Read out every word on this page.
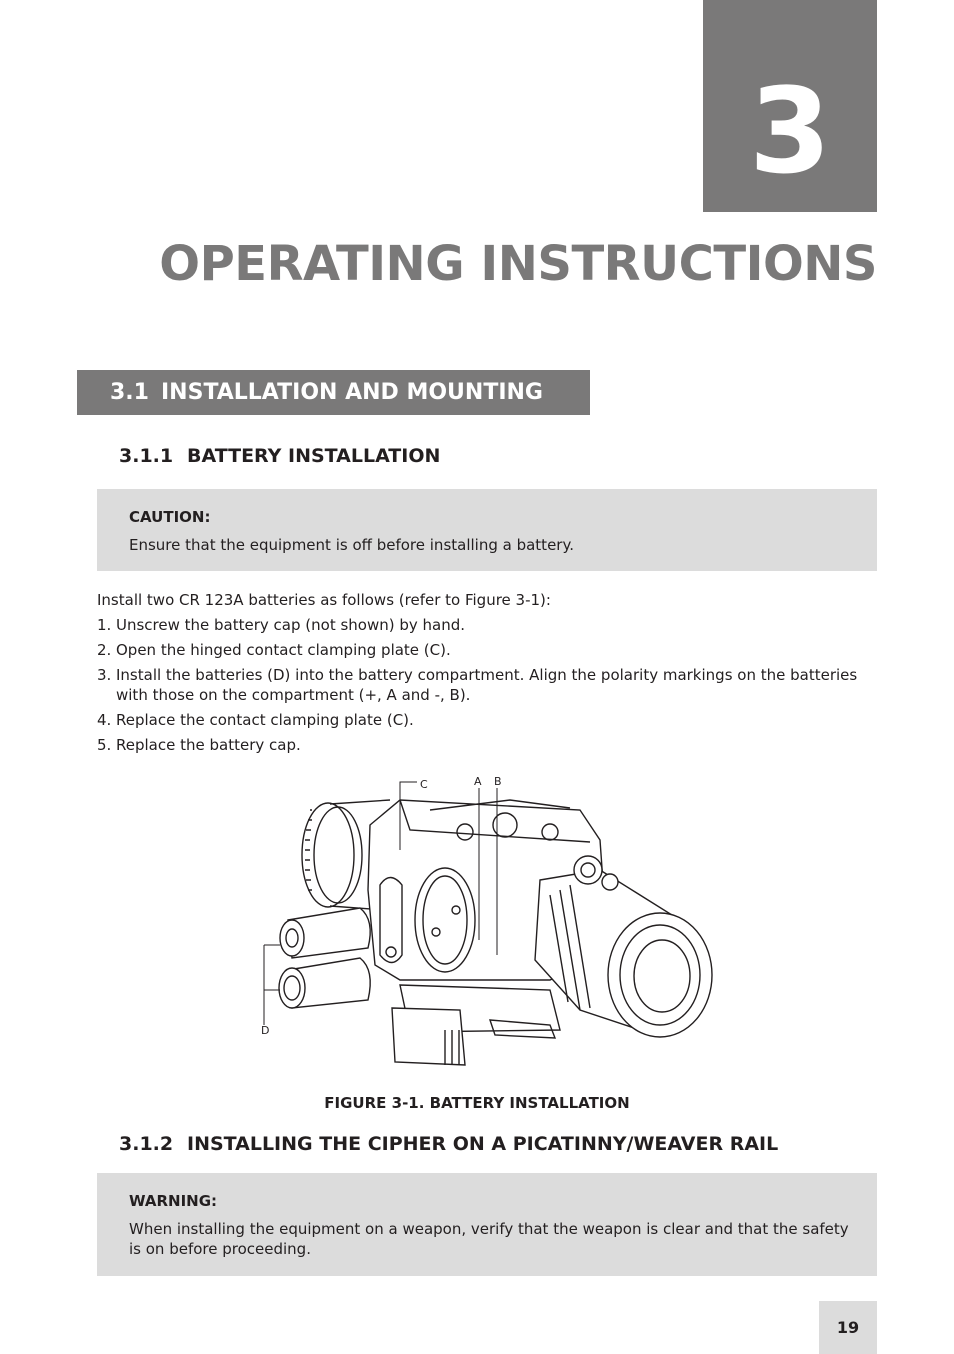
3
OPERATING INSTRUCTIONS
3.1 INSTALLATION AND MOUNTING
3.1.1 BATTERY INSTALLATION
CAUTION:
Ensure that the equipment is off before installing a battery.
Install two CR 123A batteries as follows (refer to Figure 3-1):
1. Unscrew the battery cap (not shown) by hand.
2. Open the hinged contact clamping plate (C).
3. Install the batteries (D) into the battery compartment. Align the polarity markings on the batteries with those on the compartment (+, A and -, B).
4. Replace the contact clamping plate (C).
5. Replace the battery cap.
C	A B
D
FIGURE 3-1. BATTERY INSTALLATION
3.1.2 INSTALLING THE CIPHER ON A PICATINNY/WEAVER RAIL
WARNING:
When installing the equipment on a weapon, verify that the weapon is clear and that the safety is on before proceeding.
19
